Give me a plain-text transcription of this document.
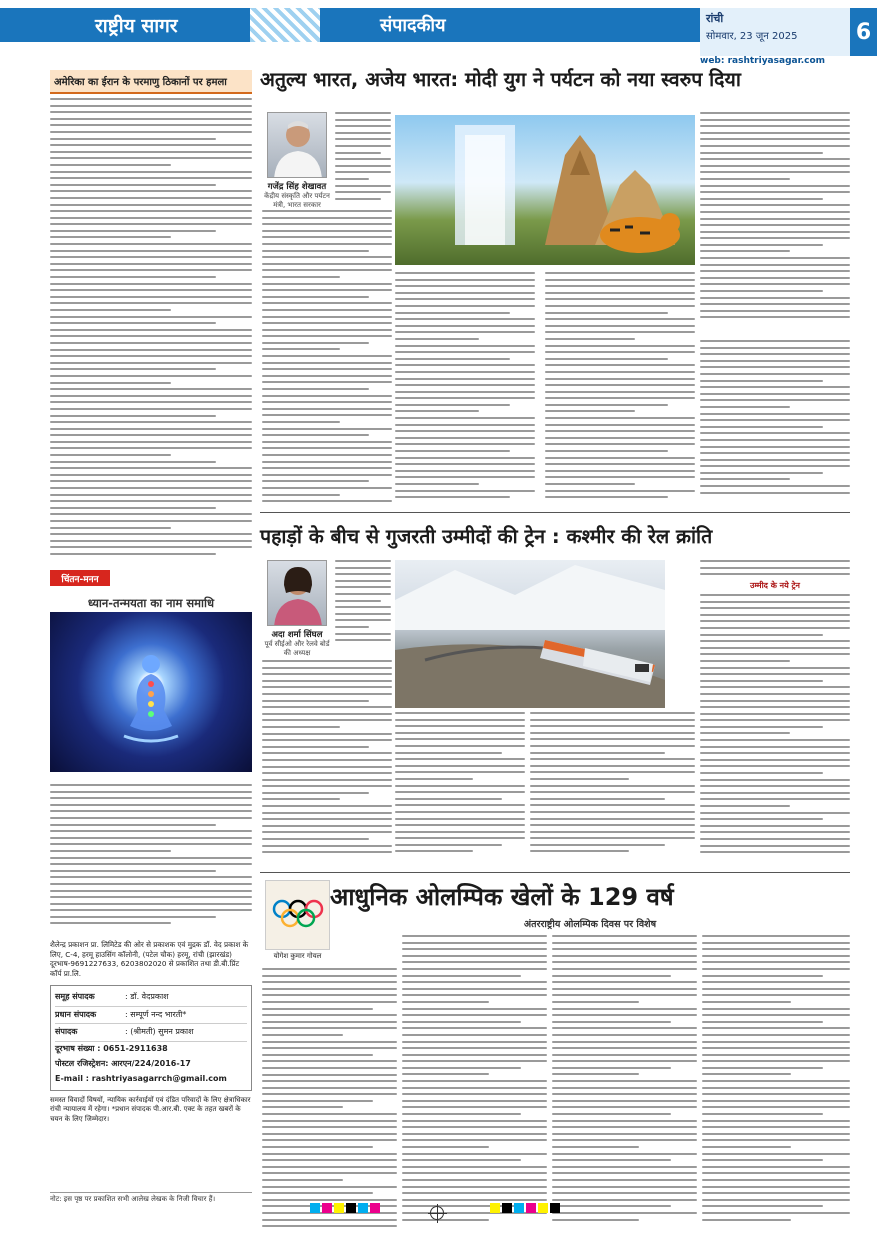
राष्ट्रीय सागर	संपादकीय	रांची
सोमवार, 23 जून 2025
web: rashtriyasagar.com
6
अमेरिका का ईरान के परमाणु ठिकानों पर हमला
चिंतन-मनन
ध्यान-तन्मयता का नाम समाधि
शैलेन्द्र प्रकाशन प्रा. लिमिटेड की ओर से प्रकाशक एवं मुद्रक डॉ. वेद प्रकाश के लिए, C-4, हरमू हाउसिंग कॉलोनी, (पटेल चौक) हरमू, रांची (झारखंड) दूरभाष-9691227633, 6203802020 से प्रकाशित तथा डी.बी.प्रिंट कॉर्प प्रा.लि.
समूह संपादक	: डॉ. वेदप्रकाश
प्रधान संपादक	: सम्पूर्ण नन्द भारती*
संपादक	: (श्रीमती) सुमन प्रकाश
दूरभाष संख्या : 0651-2911638
पोस्टल रजिस्ट्रेशन: आरएन/224/2016-17
E-mail : rashtriyasagarrch@gmail.com
समस्त विवादों विषयों, न्यायिक कार्रवाईयों एवं दंडित परिवादों के लिए क्षेत्राधिकार रांची न्यायालय में रहेगा। *प्रधान संपादक पी.आर.बी. एक्ट के तहत खबरों के चयन के लिए जिम्मेदार।
नोट: इस पृष्ठ पर प्रकाशित सभी आलेख लेखक के निजी विचार हैं।
अतुल्य भारत, अजेय भारत: मोदी युग ने पर्यटन को नया स्वरुप दिया
गजेंद्र सिंह शेखावत
केंद्रीय संस्कृति और पर्यटन मंत्री, भारत सरकार
पहाड़ों के बीच से गुजरती उम्मीदों की ट्रेन : कश्मीर की रेल क्रांति
अदा शर्मा सिंघल
पूर्व सीईओ और रेलवे बोर्ड की अध्यक्ष
उम्मीद के नये ट्रेन
योगेश कुमार गोयल
आधुनिक ओलम्पिक खेलों के 129 वर्ष
अंतरराष्ट्रीय ओलम्पिक दिवस पर विशेष
